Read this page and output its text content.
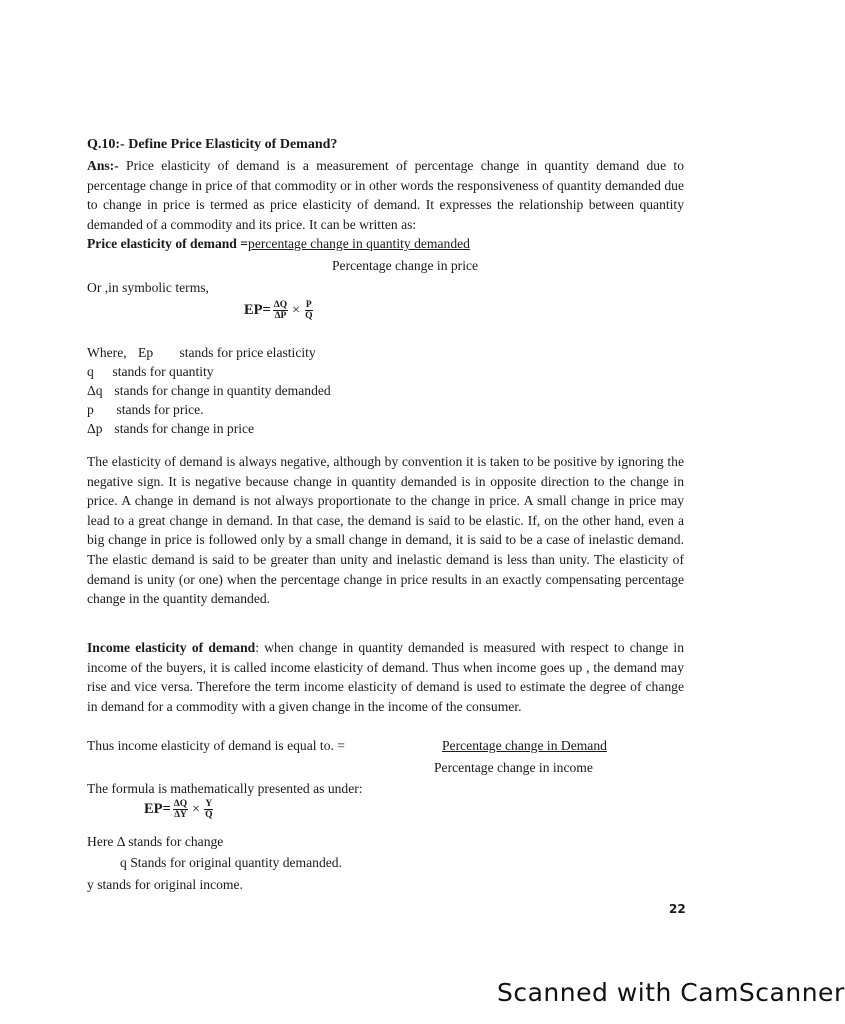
Q.10:- Define Price Elasticity of Demand?
Ans:- Price elasticity of demand is a measurement of percentage change in quantity demand due to percentage change in price of that commodity or in other words the responsiveness of quantity demanded due to change in price is termed as price elasticity of demand. It expresses the relationship between quantity demanded of a commodity and its price. It can be written as:
Price elasticity of demand =percentage change in quantity demanded
Percentage change in price
Or ,in symbolic terms,
$EP= \frac{\Delta Q}{\Delta P} \times \frac{P}{Q}$
Where, Ep stands for price elasticity
q stands for quantity
Δq stands for change in quantity demanded
p stands for price.
Δp stands for change in price
The elasticity of demand is always negative, although by convention it is taken to be positive by ignoring the negative sign. It is negative because change in quantity demanded is in opposite direction to the change in price. A change in demand is not always proportionate to the change in price. A small change in price may lead to a great change in demand. In that case, the demand is said to be elastic. If, on the other hand, even a big change in price is followed only by a small change in demand, it is said to be a case of inelastic demand. The elastic demand is said to be greater than unity and inelastic demand is less than unity. The elasticity of demand is unity (or one) when the percentage change in price results in an exactly compensating percentage change in the quantity demanded.
Income elasticity of demand: when change in quantity demanded is measured with respect to change in income of the buyers, it is called income elasticity of demand. Thus when income goes up , the demand may rise and vice versa. Therefore the term income elasticity of demand is used to estimate the degree of change in demand for a commodity with a given change in the income of the consumer.
Thus income elasticity of demand is equal to. =	Percentage change in Demand
Percentage change in income
The formula is mathematically presented as under:
$EP= \frac{\Delta Q}{\Delta Y} \times \frac{Y}{Q}$
Here Δ stands for change
q Stands for original quantity demanded.
y stands for original income.
22
Scanned with CamScanner
